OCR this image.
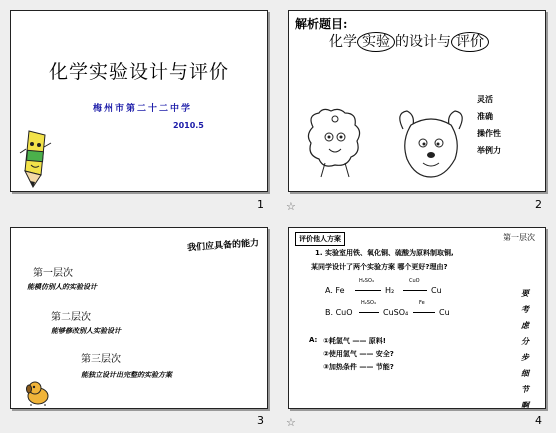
化学实验设计与评价
梅州市第二十二中学
2010.5
1
解析题目:
化学 实验 的设计与 评价
灵活
准确
操作性
举例力
2
☆
我们应具备的能力
第一层次
能模仿别人的实验设计
第二层次
能够修改别人实验设计
第三层次
能独立设计出完整的实验方案
3
评价他人方案	第一层次
1. 实验室用铁、氧化铜、硫酸为原料制取铜,
某同学设计了两个实验方案 哪个更好?理由?
A. Fe
H₂SO₄
H₂
CuO
Cu
B. CuO
H₂SO₄
CuSO₄
Fe
Cu
A: ①耗氢气 —— 原料!
②使用氢气 —— 安全?
③加热条件 —— 节能?
要考虑分步细节啊
4
☆
